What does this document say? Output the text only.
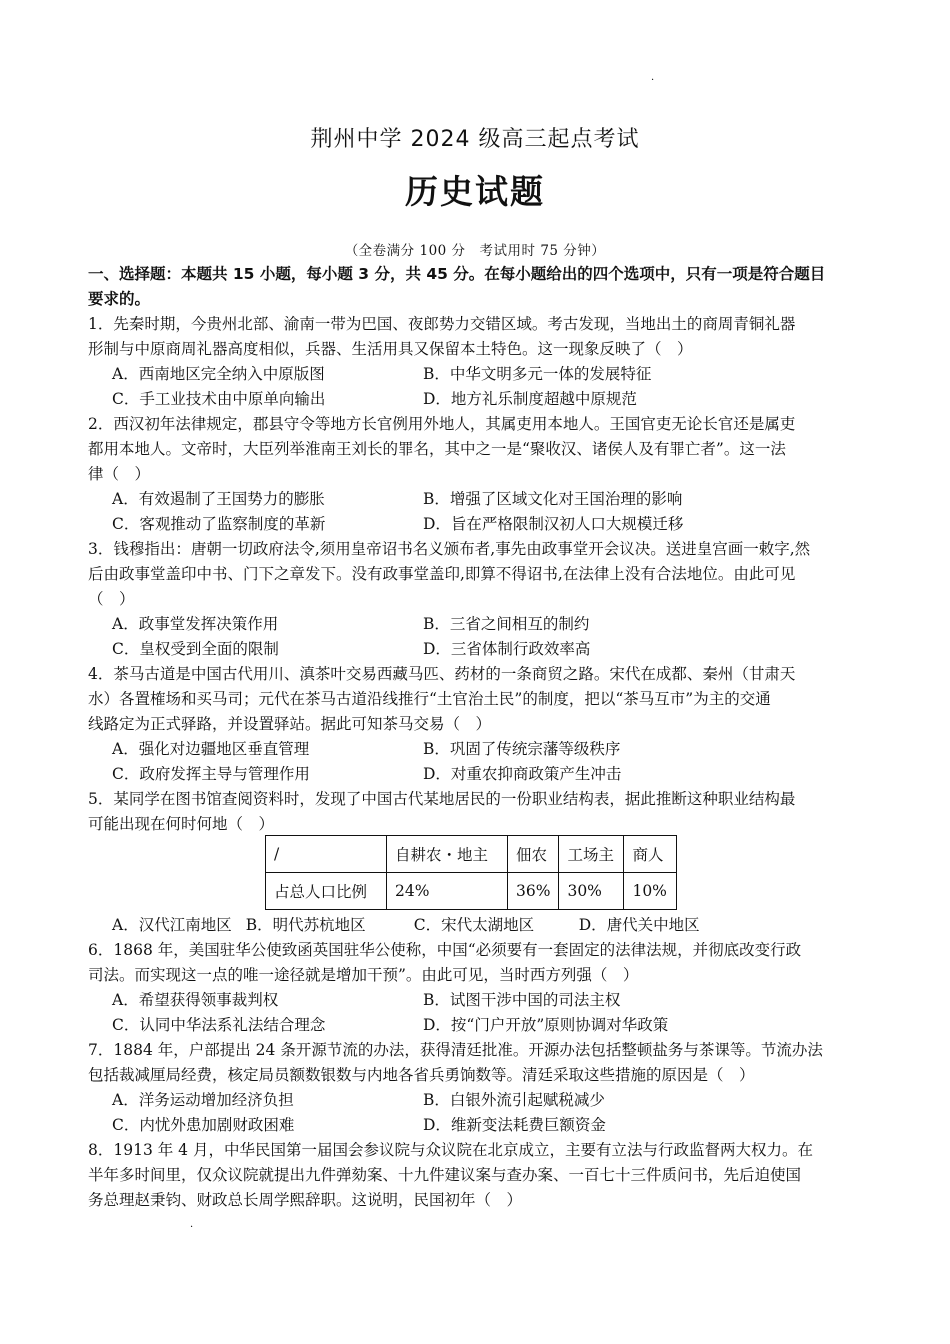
·
·
荆州中学 2024 级高三起点考试
历史试题
（全卷满分 100 分　考试用时 75 分钟）
一、选择题：本题共 15 小题，每小题 3 分，共 45 分。在每小题给出的四个选项中，只有一项是符合题目
要求的。
1．先秦时期，今贵州北部、渝南一带为巴国、夜郎势力交错区域。考古发现，当地出土的商周青铜礼器
形制与中原商周礼器高度相似，兵器、生活用具又保留本土特色。这一现象反映了（　）
A．西南地区完全纳入中原版图	B．中华文明多元一体的发展特征
C．手工业技术由中原单向输出	D．地方礼乐制度超越中原规范
2．西汉初年法律规定，郡县守令等地方长官例用外地人，其属吏用本地人。王国官吏无论长官还是属吏
都用本地人。文帝时，大臣列举淮南王刘长的罪名，其中之一是“聚收汉、诸侯人及有罪亡者”。这一法
律（　）
A．有效遏制了王国势力的膨胀	B．增强了区域文化对王国治理的影响
C．客观推动了监察制度的革新	D．旨在严格限制汉初人口大规模迁移
3．钱穆指出：唐朝一切政府法令,须用皇帝诏书名义颁布者,事先由政事堂开会议决。送进皇宫画一敕字,然
后由政事堂盖印中书、门下之章发下。没有政事堂盖印,即算不得诏书,在法律上没有合法地位。由此可见
（　）
A．政事堂发挥决策作用	B．三省之间相互的制约
C．皇权受到全面的限制	D．三省体制行政效率高
4．茶马古道是中国古代用川、滇茶叶交易西藏马匹、药材的一条商贸之路。宋代在成都、秦州（甘肃天
水）各置榷场和买马司；元代在茶马古道沿线推行“土官治土民”的制度，把以“茶马互市”为主的交通
线路定为正式驿路，并设置驿站。据此可知茶马交易（　）
A．强化对边疆地区垂直管理	B．巩固了传统宗藩等级秩序
C．政府发挥主导与管理作用	D．对重农抑商政策产生冲击
5．某同学在图书馆查阅资料时，发现了中国古代某地居民的一份职业结构表，据此推断这种职业结构最
可能出现在何时何地（　）
/	自耕农・地主	佃农	工场主	商人
占总人口比例	24%	36%	30%	10%
A．汉代江南地区 B．明代苏杭地区	C．宋代太湖地区	D．唐代关中地区
6．1868 年，美国驻华公使致函英国驻华公使称，中国“必须要有一套固定的法律法规，并彻底改变行政
司法。而实现这一点的唯一途径就是增加干预”。由此可见，当时西方列强（　）
A．希望获得领事裁判权	B．试图干涉中国的司法主权
C．认同中华法系礼法结合理念	D．按“门户开放”原则协调对华政策
7．1884 年，户部提出 24 条开源节流的办法，获得清廷批准。开源办法包括整顿盐务与茶课等。节流办法
包括裁减厘局经费，核定局员额数银数与内地各省兵勇饷数等。清廷采取这些措施的原因是（　）
A．洋务运动增加经济负担	B．白银外流引起赋税减少
C．内忧外患加剧财政困难	D．维新变法耗费巨额资金
8．1913 年 4 月，中华民国第一届国会参议院与众议院在北京成立，主要有立法与行政监督两大权力。在
半年多时间里，仅众议院就提出九件弹劾案、十九件建议案与查办案、一百七十三件质问书，先后迫使国
务总理赵秉钧、财政总长周学熙辞职。这说明，民国初年（　）
